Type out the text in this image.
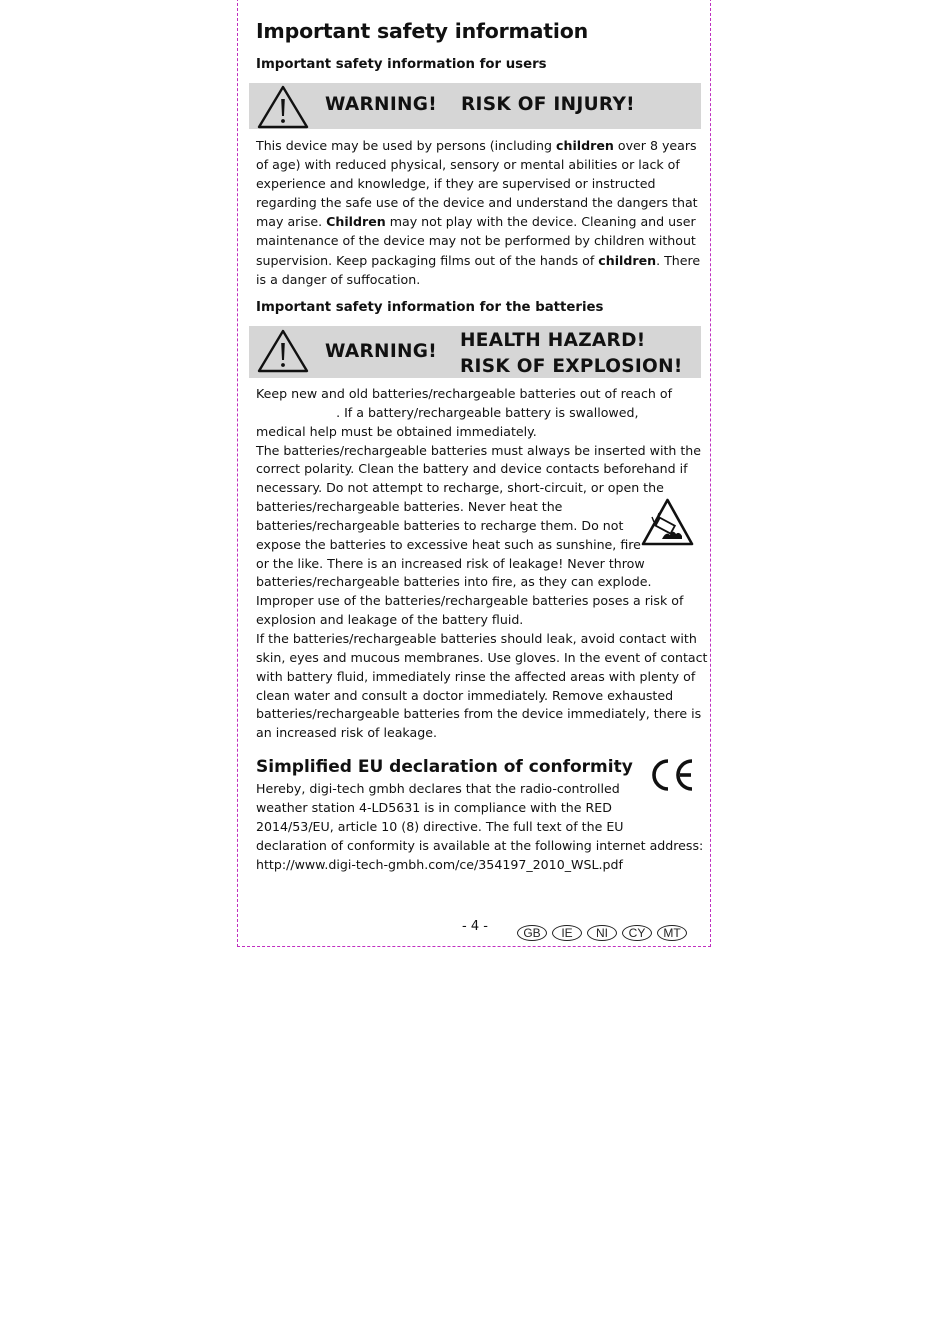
Important safety information
Important safety information for users
WARNING! RISK OF INJURY!
This device may be used by persons (including children over 8 years
of age) with reduced physical, sensory or mental abilities or lack of
experience and knowledge, if they are supervised or instructed
regarding the safe use of the device and understand the dangers that
may arise. Children may not play with the device. Cleaning and user
maintenance of the device may not be performed by children without
supervision. Keep packaging films out of the hands of children. There
is a danger of suffocation.
Important safety information for the batteries
WARNING!
HEALTH HAZARD!
RISK OF EXPLOSION!
Keep new and old batteries/rechargeable batteries out of reach of
. If a battery/rechargeable battery is swallowed,
medical help must be obtained immediately.
The batteries/rechargeable batteries must always be inserted with the
correct polarity. Clean the battery and device contacts beforehand if
necessary. Do not attempt to recharge, short-circuit, or open the
batteries/rechargeable batteries. Never heat the
batteries/rechargeable batteries to recharge them. Do not
expose the batteries to excessive heat such as sunshine, fire
or the like. There is an increased risk of leakage! Never throw
batteries/rechargeable batteries into fire, as they can explode.
Improper use of the batteries/rechargeable batteries poses a risk of
explosion and leakage of the battery fluid.
If the batteries/rechargeable batteries should leak, avoid contact with
skin, eyes and mucous membranes. Use gloves. In the event of contact
with battery fluid, immediately rinse the affected areas with plenty of
clean water and consult a doctor immediately. Remove exhausted
batteries/rechargeable batteries from the device immediately, there is
an increased risk of leakage.
Simplified EU declaration of conformity
Hereby, digi-tech gmbh declares that the radio-controlled
weather station 4-LD5631 is in compliance with the RED
2014/53/EU, article 10 (8) directive. The full text of the EU
declaration of conformity is available at the following internet address:
http://www.digi-tech-gmbh.com/ce/354197_2010_WSL.pdf
- 4 -	GB	IE	NI	CY	MT
